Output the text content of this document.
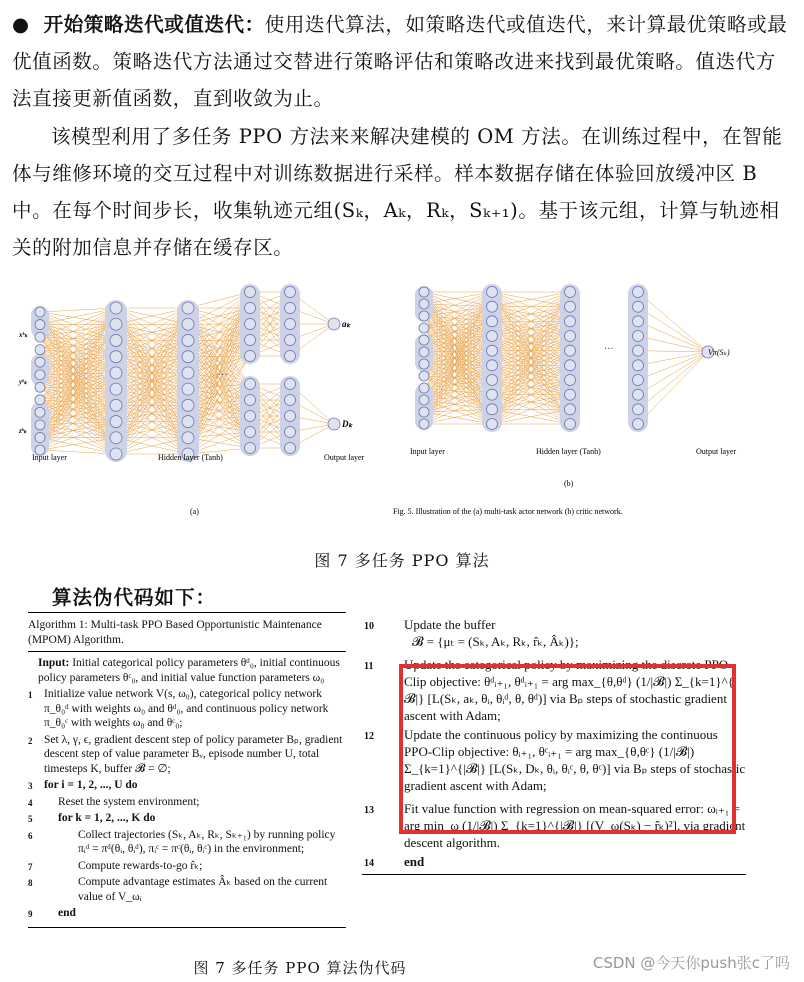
● 开始策略迭代或值迭代：使用迭代算法，如策略迭代或值迭代，来计算最优策略或最优值函数。策略迭代方法通过交替进行策略评估和策略改进来找到最优策略。值迭代方法直接更新值函数，直到收敛为止。
该模型利用了多任务 PPO 方法来来解决建模的 OM 方法。在训练过程中，在智能体与维修环境的交互过程中对训练数据进行采样。样本数据存储在体验回放缓冲区 B 中。在每个时间步长，收集轨迹元组(Sₖ，Aₖ，Rₖ，Sₖ₊₁)。基于该元组，计算与轨迹相关的附加信息并存储在缓存区。
···
···
Input layer	Hidden layer (Tanh)	Output layer
(a)
Input layer	Hidden layer (Tanh)	Output layer
(b)
aₖ
Dₖ
Vπ(Sₖ)
xᵏₖ
yᵏₖ
zᵏₖ
Fig. 5. Illustration of the (a) multi-task actor network (b) critic network.
图 7 多任务 PPO 算法
算法伪代码如下：
Algorithm 1: Multi-task PPO Based Opportunistic Maintenance (MPOM) Algorithm.
Input: Initial categorical policy parameters θᵈ₀, initial continuous policy parameters θᶜ₀, and initial value function parameters ω₀
1 Initialize value network V(s, ω₀), categorical policy network π_θ₀ᵈ with weights ω₀ and θᵈ₀, and continuous policy network π_θ₀ᶜ with weights ω₀ and θᶜ₀;
2 Set λ, γ, ϵ, gradient descent step of policy parameter Bₚ, gradient descent step of value parameter Bᵥ, episode number U, total timesteps K, buffer 𝓑 = ∅;
3 for i = 1, 2, ..., U do
4 Reset the system environment;
5 for k = 1, 2, ..., K do
6	Collect trajectories (Sₖ, Aₖ, Rₖ, Sₖ₊₁) by running policy πᵢᵈ = πᵈ(θᵢ, θᵢᵈ), πᵢᶜ = πᶜ(θᵢ, θᵢᶜ) in the environment;
7	Compute rewards-to-go r̂ₖ;
8	Compute advantage estimates Âₖ based on the current value of V_ωᵢ
9 end
10 Update the buffer
𝓑 = {μₜ = (Sₖ, Aₖ, Rₖ, r̂ₖ, Âₖ)};
11 Update the categorical policy by maximizing the discrete PPO-Clip objective: θᵈᵢ₊₁, θᵈᵢ₊₁ = arg max_{θ,θᵈ} (1/|𝓑|) Σ_{k=1}^{|𝓑|} [L(Sₖ, aₖ, θᵢ, θᵢᵈ, θ, θᵈ)] via Bₚ steps of stochastic gradient ascent with Adam;
12 Update the continuous policy by maximizing the continuous PPO-Clip objective: θᵢ₊₁, θᶜᵢ₊₁ = arg max_{θ,θᶜ} (1/|𝓑|) Σ_{k=1}^{|𝓑|} [L(Sₖ, Dₖ, θᵢ, θᵢᶜ, θ, θᶜ)] via Bₚ steps of stochastic gradient ascent with Adam;
13 Fit value function with regression on mean-squared error: ωᵢ₊₁ = arg min_ω (1/|𝓑|) Σ_{k=1}^{|𝓑|} [(V_ω(Sₖ) − r̂ₖ)²], via gradient descent algorithm.
14 end
图 7 多任务 PPO 算法伪代码	CSDN @今天你push张c了吗
